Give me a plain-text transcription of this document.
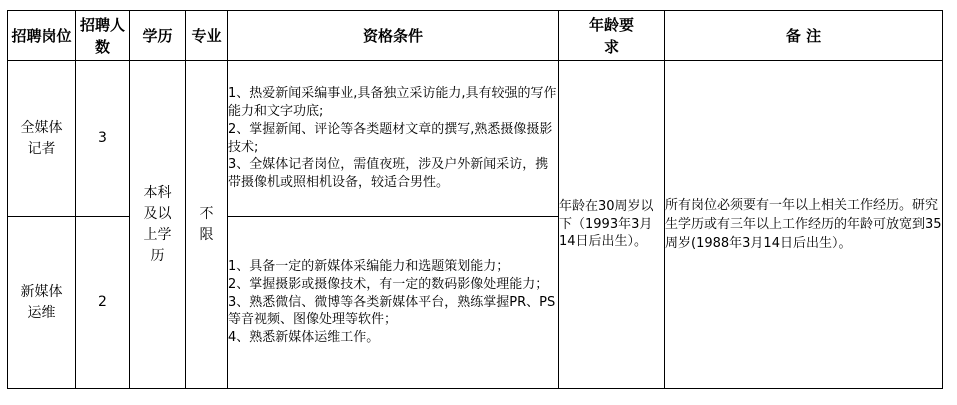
招聘岗位	招聘人数	学历	专业	资格条件	年龄要求	备 注
全媒体记者	3	本科及以上学历	不限	1、热爱新闻采编事业,具备独立采访能力,具有较强的写作能力和文字功底;
2、掌握新闻、评论等各类题材文章的撰写,熟悉摄像摄影技术;
3、全媒体记者岗位，需值夜班，涉及户外新闻采访，携带摄像机或照相机设备，较适合男性。	年龄在30周岁以下（1993年3月14日后出生）。	所有岗位必须要有一年以上相关工作经历。研究生学历或有三年以上工作经历的年龄可放宽到35周岁(1988年3月14日后出生）。
新媒体运维	2			1、具备一定的新媒体采编能力和选题策划能力；
2、掌握摄影或摄像技术，有一定的数码影像处理能力；
3、熟悉微信、微博等各类新媒体平台，熟练掌握PR、PS等音视频、图像处理等软件；
4、熟悉新媒体运维工作。		
